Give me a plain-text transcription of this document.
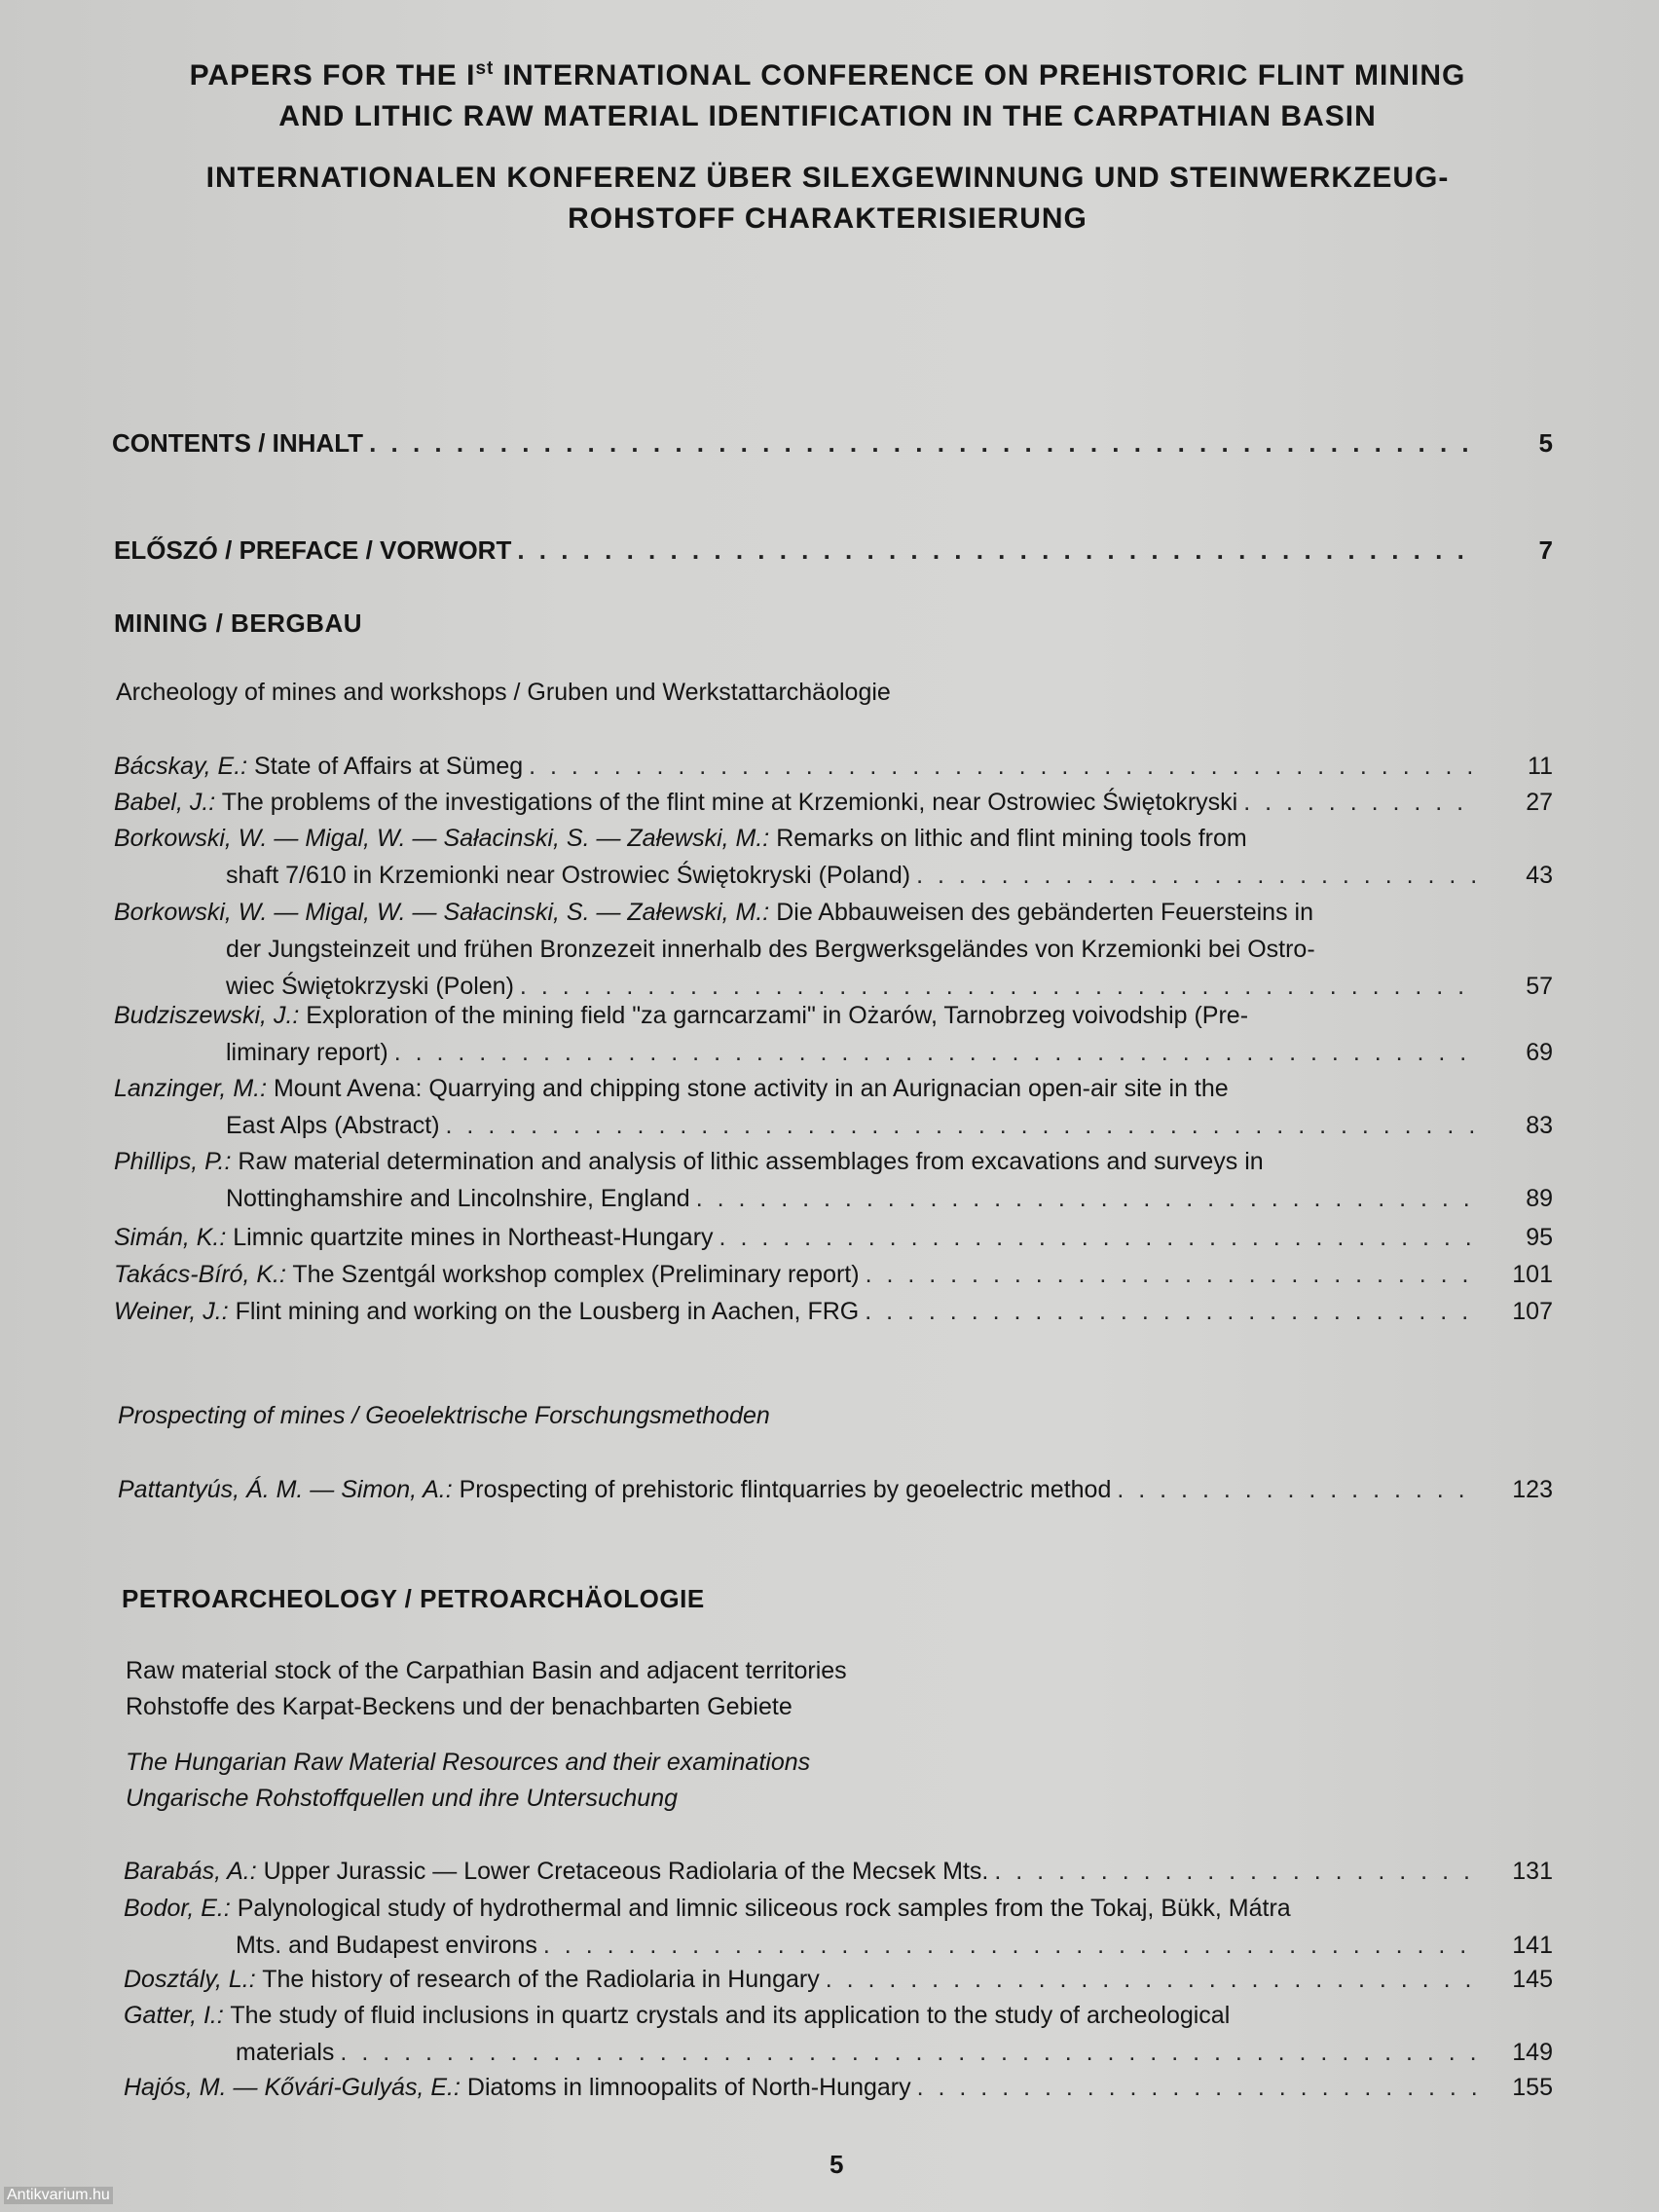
PAPERS FOR THE Ist INTERNATIONAL CONFERENCE ON PREHISTORIC FLINT MINING
AND LITHIC RAW MATERIAL IDENTIFICATION IN THE CARPATHIAN BASIN
INTERNATIONALEN KONFERENZ ÜBER SILEXGEWINNUNG UND STEINWERKZEUG-
ROHSTOFF CHARAKTERISIERUNG
CONTENTS / INHALT . . .	5
ELŐSZÓ / PREFACE / VORWORT . . .	7
MINING / BERGBAU
Archeology of mines and workshops / Gruben und Werkstattarchäologie
Bácskay, E.: State of Affairs at Sümeg . . .	11
Babel, J.: The problems of the investigations of the flint mine at Krzemionki, near Ostrowiec Świętokryski . . .	27
Borkowski, W. — Migal, W. — Sałacinski, S. — Załewski, M.: Remarks on lithic and flint mining tools from
shaft 7/610 in Krzemionki near Ostrowiec Świętokryski (Poland) . . .	43
Borkowski, W. — Migal, W. — Sałacinski, S. — Załewski, M.: Die Abbauweisen des gebänderten Feuersteins in
der Jungsteinzeit und frühen Bronzezeit innerhalb des Bergwerksgeländes von Krzemionki bei Ostro-
wiec Świętokrzyski (Polen) . . .	57
Budziszewski, J.: Exploration of the mining field "za garncarzami" in Ożarów, Tarnobrzeg voivodship (Pre-
liminary report) . . .	69
Lanzinger, M.: Mount Avena: Quarrying and chipping stone activity in an Aurignacian open-air site in the
East Alps (Abstract) . . .	83
Phillips, P.: Raw material determination and analysis of lithic assemblages from excavations and surveys in
Nottinghamshire and Lincolnshire, England . . .	89
Simán, K.: Limnic quartzite mines in Northeast-Hungary . . .	95
Takács-Bíró, K.: The Szentgál workshop complex (Preliminary report) . . .	101
Weiner, J.: Flint mining and working on the Lousberg in Aachen, FRG . . .	107
Prospecting of mines / Geoelektrische Forschungsmethoden
Pattantyús, Á. M. — Simon, A.: Prospecting of prehistoric flintquarries by geoelectric method . . .	123
PETROARCHEOLOGY / PETROARCHÄOLOGIE
Raw material stock of the Carpathian Basin and adjacent territories
Rohstoffe des Karpat-Beckens und der benachbarten Gebiete
The Hungarian Raw Material Resources and their examinations
Ungarische Rohstoffquellen und ihre Untersuchung
Barabás, A.: Upper Jurassic — Lower Cretaceous Radiolaria of the Mecsek Mts. . . .	131
Bodor, E.: Palynological study of hydrothermal and limnic siliceous rock samples from the Tokaj, Bükk, Mátra
Mts. and Budapest environs . . .	141
Dosztály, L.: The history of research of the Radiolaria in Hungary . . .	145
Gatter, I.: The study of fluid inclusions in quartz crystals and its application to the study of archeological
materials . . .	149
Hajós, M. — Kővári-Gulyás, E.: Diatoms in limnoopalits of North-Hungary . . .	155
5
Antikvarium.hu
